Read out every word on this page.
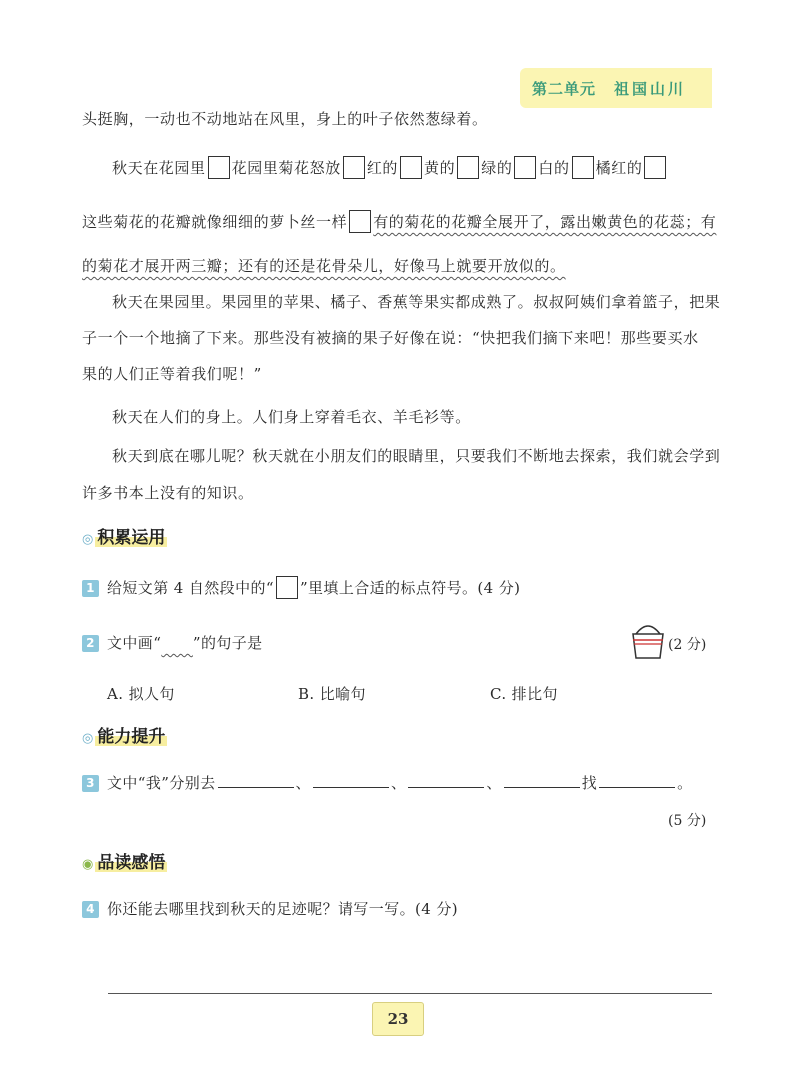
第二单元 祖国山川
头挺胸，一动也不动地站在风里，身上的叶子依然葱绿着。
秋天在花园里 花园里菊花怒放 红的 黄的 绿的 白的 橘红的
这些菊花的花瓣就像细细的萝卜丝一样 有的菊花的花瓣全展开了，露出嫩黄色的花蕊；有
的菊花才展开两三瓣；还有的还是花骨朵儿，好像马上就要开放似的。
秋天在果园里。果园里的苹果、橘子、香蕉等果实都成熟了。叔叔阿姨们拿着篮子，把果
子一个一个地摘了下来。那些没有被摘的果子好像在说：“快把我们摘下来吧！那些要买水
果的人们正等着我们呢！”
秋天在人们的身上。人们身上穿着毛衣、羊毛衫等。
秋天到底在哪儿呢？秋天就在小朋友们的眼睛里，只要我们不断地去探索，我们就会学到
许多书本上没有的知识。
◎ 积累运用
1 给短文第 4 自然段中的“ ”里填上合适的标点符号。(4 分)
2 文中画“____”的句子是	(2 分)
A. 拟人句	B. 比喻句	C. 排比句
◎ 能力提升
3 文中“我”分别去	、	、	、	找	。
(5 分)
◉ 品读感悟
4 你还能去哪里找到秋天的足迹呢？请写一写。(4 分)
23
